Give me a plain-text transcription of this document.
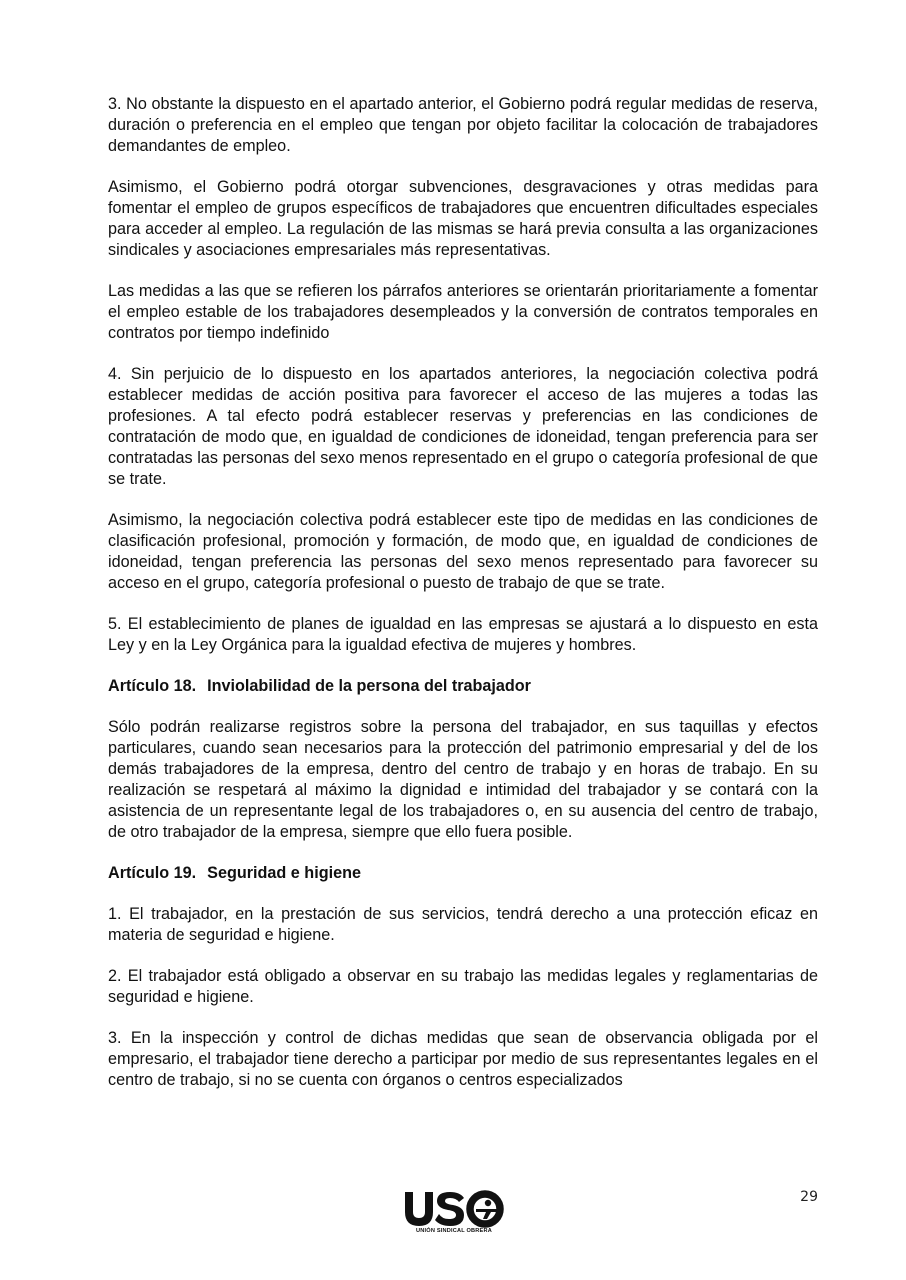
3. No obstante la dispuesto en el apartado anterior, el Gobierno podrá regular medidas de reserva, duración o preferencia en el empleo que tengan por objeto facilitar la colocación de trabajadores demandantes de empleo.

Asimismo, el Gobierno podrá otorgar subvenciones, desgravaciones y otras medidas para fomentar el empleo de grupos específicos de trabajadores que encuentren dificultades especiales para acceder al empleo. La regulación de las mismas se hará previa consulta a las organizaciones sindicales y asociaciones empresariales más representativas.

Las medidas a las que se refieren los párrafos anteriores se orientarán prioritariamente a fomentar el empleo estable de los trabajadores desempleados y la conversión de contratos temporales en contratos por tiempo indefinido

4. Sin perjuicio de lo dispuesto en los apartados anteriores, la negociación colectiva podrá establecer medidas de acción positiva para favorecer el acceso de las mujeres a todas las profesiones. A tal efecto podrá establecer reservas y preferencias en las condiciones de contratación de modo que, en igualdad de condiciones de idoneidad, tengan preferencia para ser contratadas las personas del sexo menos representado en el grupo o categoría profesional de que se trate.

Asimismo, la negociación colectiva podrá establecer este tipo de medidas en las condiciones de clasificación profesional, promoción y formación, de modo que, en igualdad de condiciones de idoneidad, tengan preferencia las personas del sexo menos representado para favorecer su acceso en el grupo, categoría profesional o puesto de trabajo de que se trate.

5. El establecimiento de planes de igualdad en las empresas se ajustará a lo dispuesto en esta Ley y en la Ley Orgánica para la igualdad efectiva de mujeres y hombres.

Artículo 18. Inviolabilidad de la persona del trabajador

Sólo podrán realizarse registros sobre la persona del trabajador, en sus taquillas y efectos particulares, cuando sean necesarios para la protección del patrimonio empresarial y del de los demás trabajadores de la empresa, dentro del centro de trabajo y en horas de trabajo. En su realización se respetará al máximo la dignidad e intimidad del trabajador y se contará con la asistencia de un representante legal de los trabajadores o, en su ausencia del centro de trabajo, de otro trabajador de la empresa, siempre que ello fuera posible.

Artículo 19. Seguridad e higiene

1. El trabajador, en la prestación de sus servicios, tendrá derecho a una protección eficaz en materia de seguridad e higiene.

2. El trabajador está obligado a observar en su trabajo las medidas legales y reglamentarias de seguridad e higiene.

3. En la inspección y control de dichas medidas que sean de observancia obligada por el empresario, el trabajador tiene derecho a participar por medio de sus representantes legales en el centro de trabajo, si no se cuenta con órganos o centros especializados

UNIÓN SINDICAL OBRERA
29
